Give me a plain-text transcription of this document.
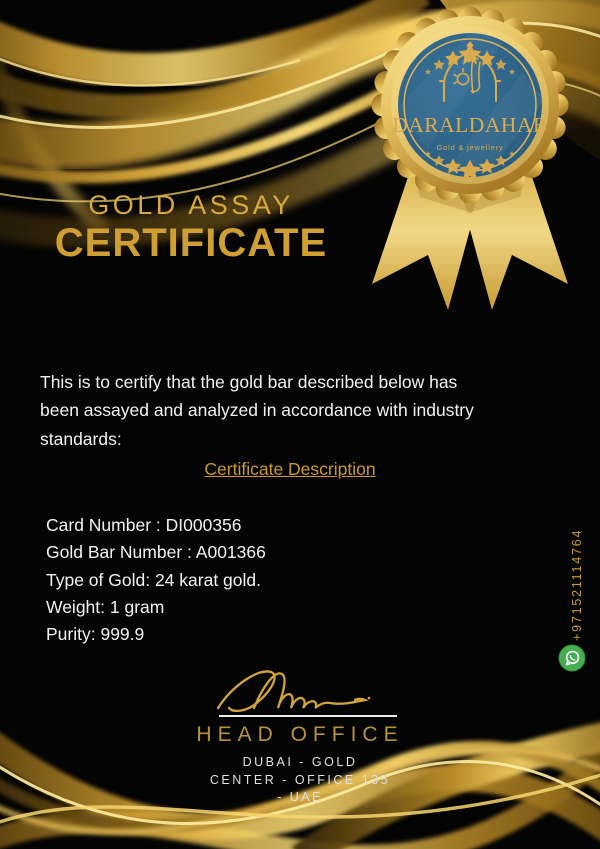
DARALDAHAB
Gold & jewellery
GOLD ASSAY
CERTIFICATE
This is to certify that the gold bar described below has
been assayed and analyzed in accordance with industry
standards:
Certificate Description
Card Number : DI000356
Gold Bar Number : A001366
Type of Gold: 24 karat gold.
Weight: 1 gram
Purity: 999.9	+971521114764
HEAD OFFICE
DUBAI - GOLD
CENTER - OFFICE 135
- UAE
